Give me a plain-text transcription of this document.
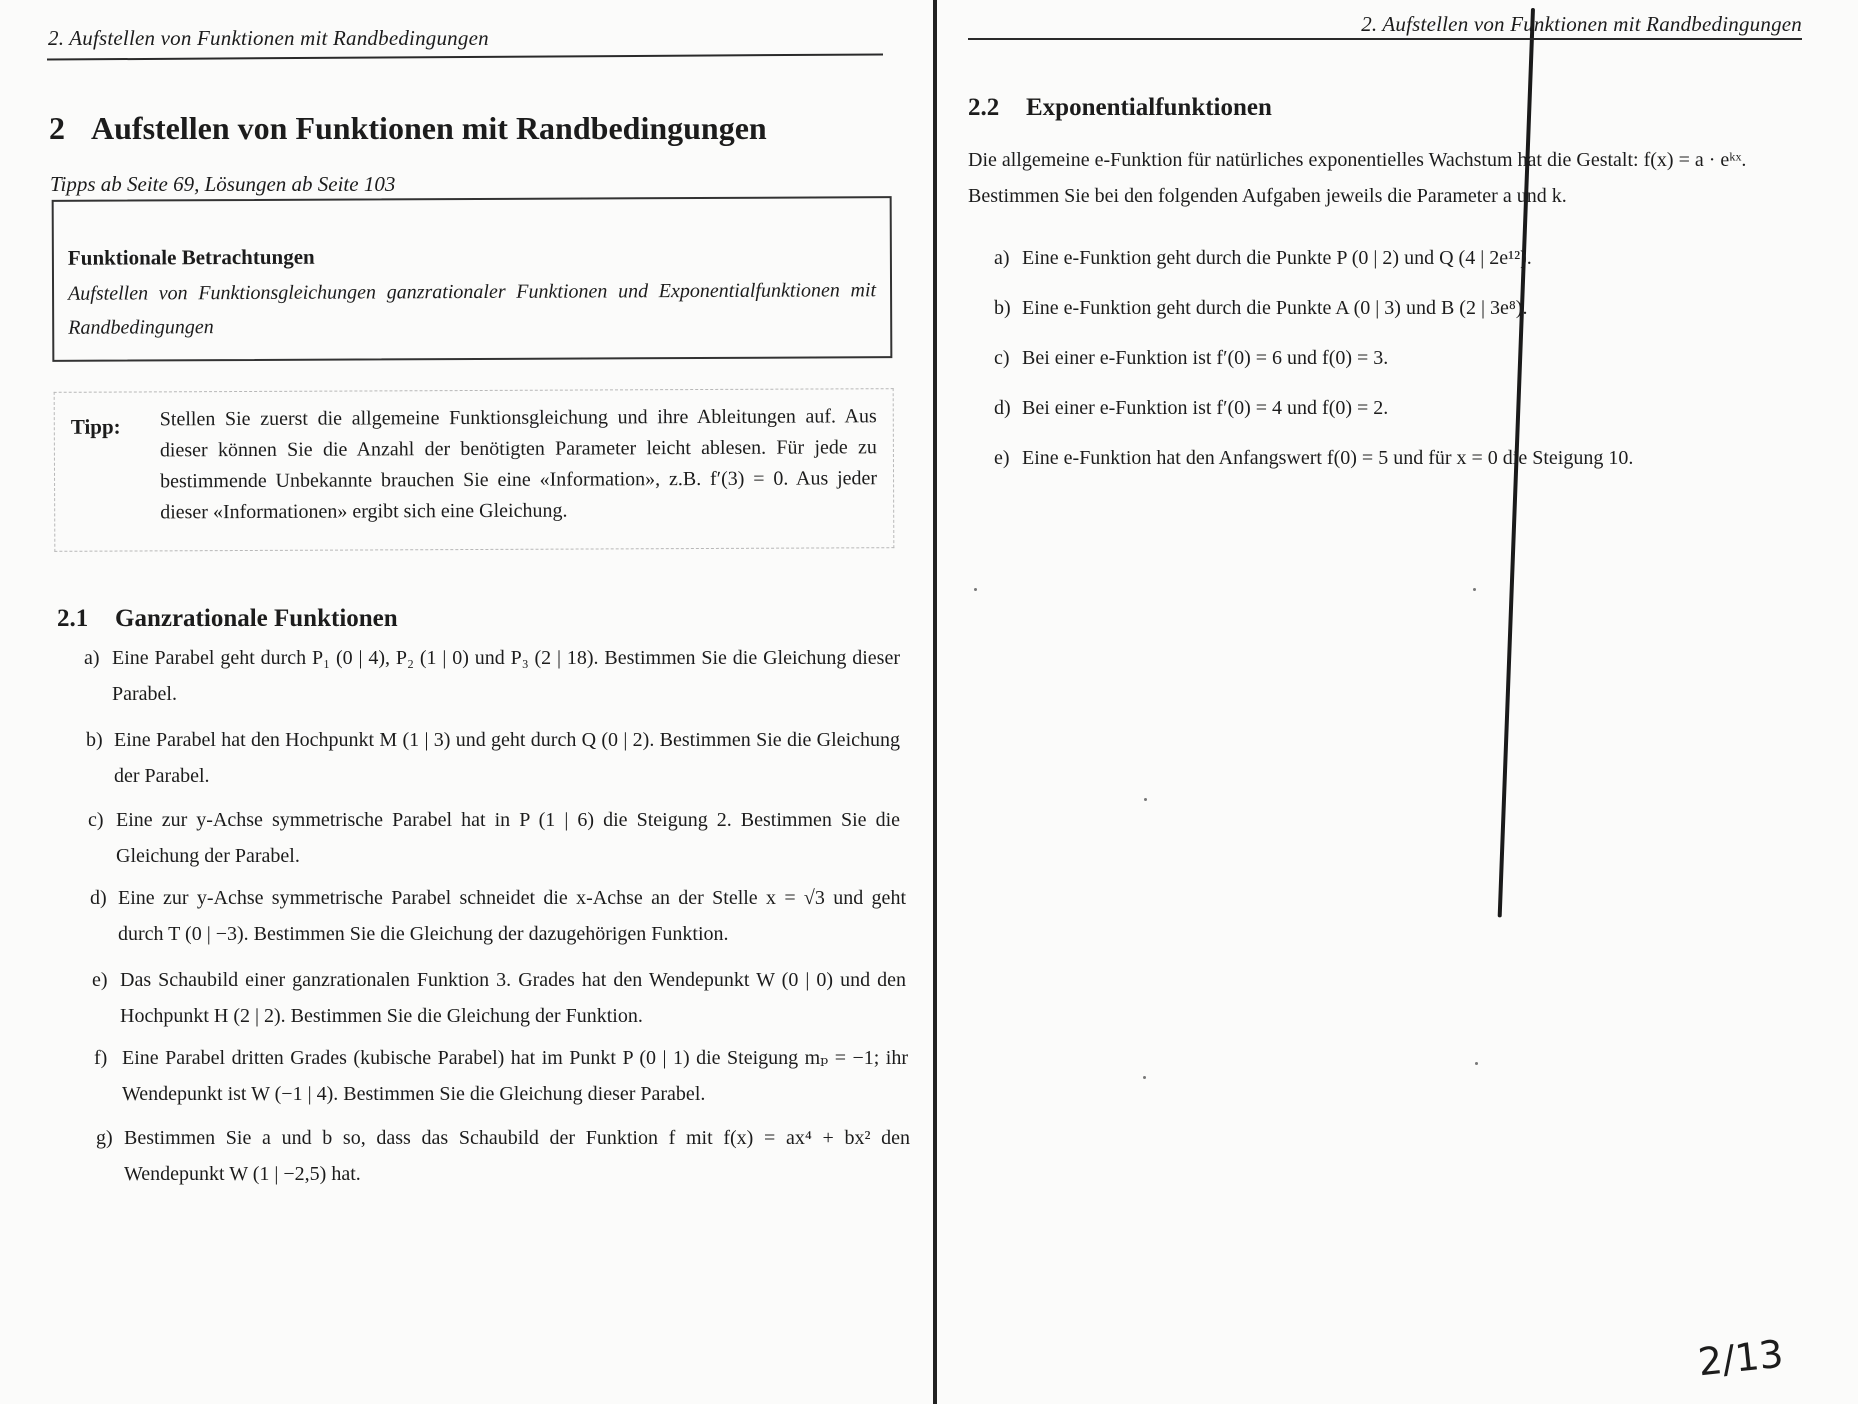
2. Aufstellen von Funktionen mit Randbedingungen
2 Aufstellen von Funktionen mit Randbedingungen
Tipps ab Seite 69, Lösungen ab Seite 103
Funktionale Betrachtungen
Aufstellen von Funktionsgleichungen ganzrationaler Funktionen und Exponentialfunktionen mit Randbedingungen
Tipp: Stellen Sie zuerst die allgemeine Funktionsgleichung und ihre Ableitungen auf. Aus dieser können Sie die Anzahl der benötigten Parameter leicht ablesen. Für jede zu bestimmende Unbekannte brauchen Sie eine «Information», z.B. f′(3) = 0. Aus jeder dieser «Informationen» ergibt sich eine Gleichung.
2.1 Ganzrationale Funktionen
a) Eine Parabel geht durch P₁ (0 | 4), P₂ (1 | 0) und P₃ (2 | 18). Bestimmen Sie die Gleichung dieser Parabel.
b) Eine Parabel hat den Hochpunkt M (1 | 3) und geht durch Q (0 | 2). Bestimmen Sie die Gleichung der Parabel.
c) Eine zur y-Achse symmetrische Parabel hat in P (1 | 6) die Steigung 2. Bestimmen Sie die Gleichung der Parabel.
d) Eine zur y-Achse symmetrische Parabel schneidet die x-Achse an der Stelle x = √3 und geht durch T (0 | −3). Bestimmen Sie die Gleichung der dazugehörigen Funktion.
e) Das Schaubild einer ganzrationalen Funktion 3. Grades hat den Wendepunkt W (0 | 0) und den Hochpunkt H (2 | 2). Bestimmen Sie die Gleichung der Funktion.
f) Eine Parabel dritten Grades (kubische Parabel) hat im Punkt P (0 | 1) die Steigung mₚ = −1; ihr Wendepunkt ist W (−1 | 4). Bestimmen Sie die Gleichung dieser Parabel.
g) Bestimmen Sie a und b so, dass das Schaubild der Funktion f mit f(x) = ax⁴ + bx² den Wendepunkt W (1 | −2,5) hat.
2. Aufstellen von Funktionen mit Randbedingungen
2.2 Exponentialfunktionen
Die allgemeine e-Funktion für natürliches exponentielles Wachstum hat die Gestalt: f(x) = a · eᵏˣ.
Bestimmen Sie bei den folgenden Aufgaben jeweils die Parameter a und k.
a) Eine e-Funktion geht durch die Punkte P (0 | 2) und Q (4 | 2e¹²).
b) Eine e-Funktion geht durch die Punkte A (0 | 3) und B (2 | 3e⁸).
c) Bei einer e-Funktion ist f′(0) = 6 und f(0) = 3.
d) Bei einer e-Funktion ist f′(0) = 4 und f(0) = 2.
e) Eine e-Funktion hat den Anfangswert f(0) = 5 und für x = 0 die Steigung 10.
2/13
